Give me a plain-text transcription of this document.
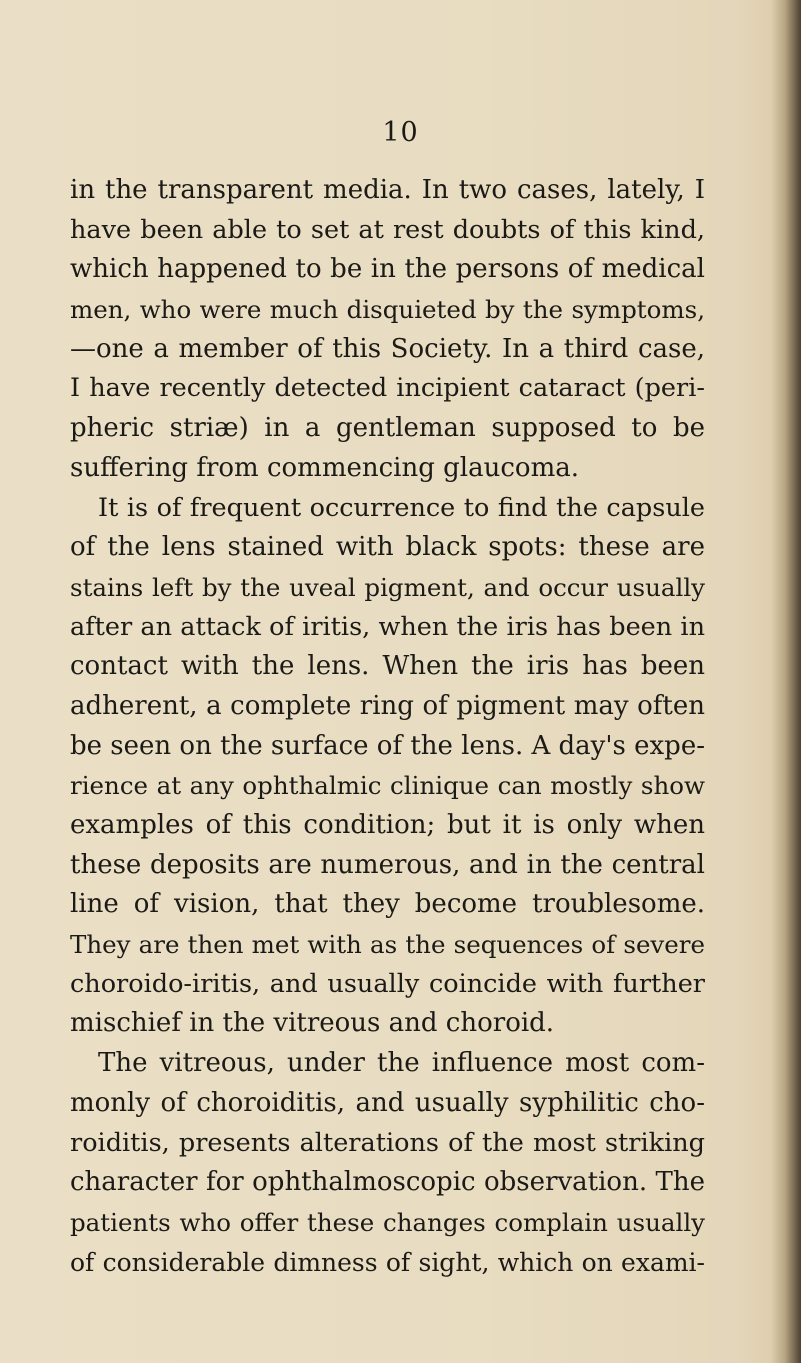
10
in the transparent media. In two cases, lately, I
have been able to set at rest doubts of this kind,
which happened to be in the persons of medical
men, who were much disquieted by the symptoms,
—one a member of this Society. In a third case,
I have recently detected incipient cataract (peri-
pheric striæ) in a gentleman supposed to be
suffering from commencing glaucoma.
It is of frequent occurrence to find the capsule
of the lens stained with black spots: these are
stains left by the uveal pigment, and occur usually
after an attack of iritis, when the iris has been in
contact with the lens. When the iris has been
adherent, a complete ring of pigment may often
be seen on the surface of the lens. A day's expe-
rience at any ophthalmic clinique can mostly show
examples of this condition; but it is only when
these deposits are numerous, and in the central
line of vision, that they become troublesome.
They are then met with as the sequences of severe
choroido-iritis, and usually coincide with further
mischief in the vitreous and choroid.
The vitreous, under the influence most com-
monly of choroiditis, and usually syphilitic cho-
roiditis, presents alterations of the most striking
character for ophthalmoscopic observation. The
patients who offer these changes complain usually
of considerable dimness of sight, which on exami-
